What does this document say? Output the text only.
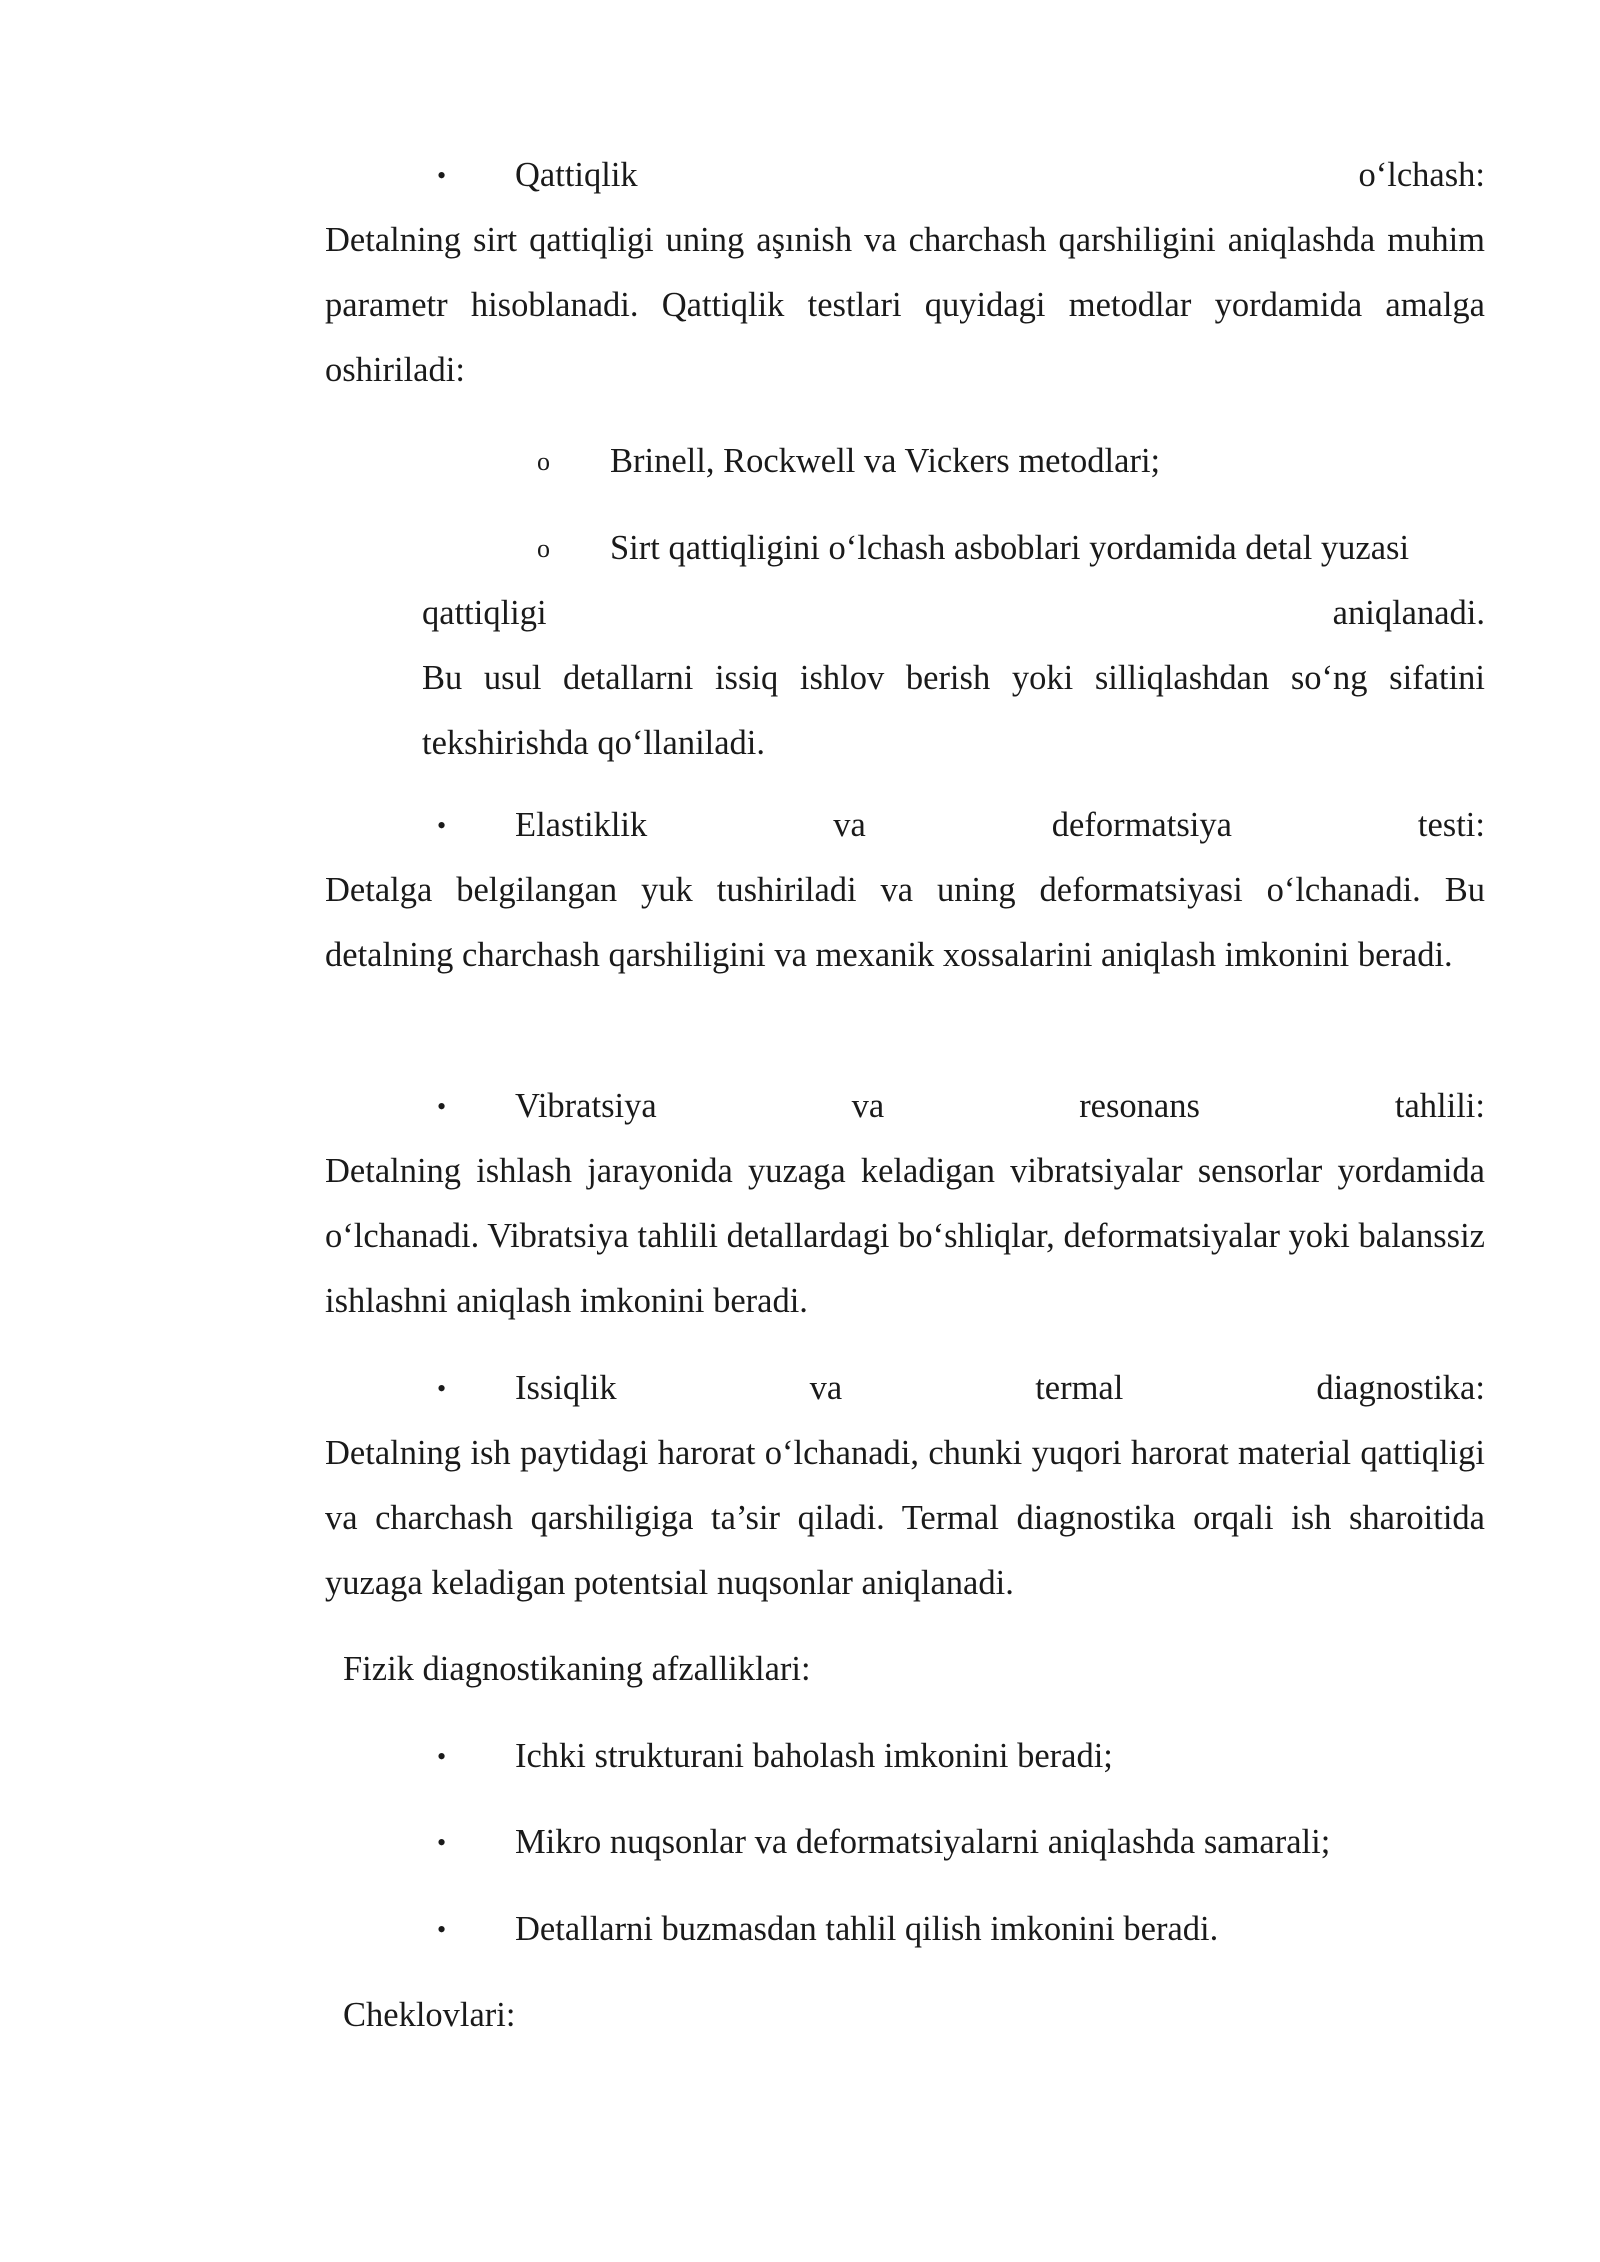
• Qattiqlik	o‘lchash:
Detalning sirt qattiqligi uning aşınish va charchash qarshiligini aniqlashda muhim parametr hisoblanadi. Qattiqlik testlari quyidagi metodlar yordamida amalga oshiriladi:
o Brinell, Rockwell va Vickers metodlari;
o Sirt qattiqligini o‘lchash asboblari yordamida detal yuzasi
qattiqligi	aniqlanadi.
Bu usul detallarni issiq ishlov berish yoki silliqlashdan so‘ng sifatini tekshirishda qo‘llaniladi.
• Elastiklik	va	deformatsiya	testi:
Detalga belgilangan yuk tushiriladi va uning deformatsiyasi o‘lchanadi. Bu detalning charchash qarshiligini va mexanik xossalarini aniqlash imkonini beradi.
• Vibratsiya	va	resonans	tahlili:
Detalning ishlash jarayonida yuzaga keladigan vibratsiyalar sensorlar yordamida o‘lchanadi. Vibratsiya tahlili detallardagi bo‘shliqlar, deformatsiyalar yoki balanssiz ishlashni aniqlash imkonini beradi.
• Issiqlik	va	termal	diagnostika:
Detalning ish paytidagi harorat o‘lchanadi, chunki yuqori harorat material qattiqligi va charchash qarshiligiga ta’sir qiladi. Termal diagnostika orqali ish sharoitida yuzaga keladigan potentsial nuqsonlar aniqlanadi.
Fizik diagnostikaning afzalliklari:
• Ichki strukturani baholash imkonini beradi;
• Mikro nuqsonlar va deformatsiyalarni aniqlashda samarali;
• Detallarni buzmasdan tahlil qilish imkonini beradi.
Cheklovlari:
